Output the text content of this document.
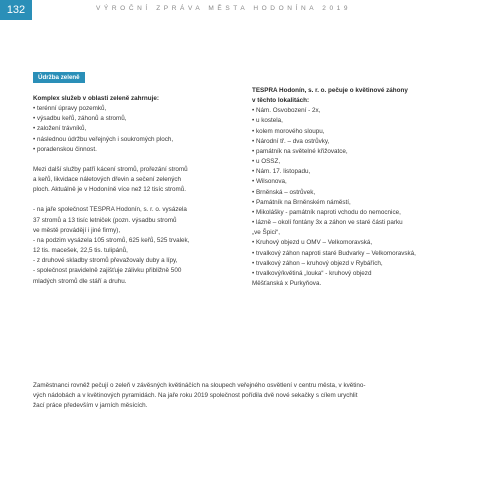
132	VÝROČNÍ ZPRÁVA MĚSTA HODONÍNA 2019
Údržba zeleně

Komplex služeb v oblasti zeleně zahrnuje:

• terénní úpravy pozemků,

• výsadbu keřů, záhonů a stromů,

• založení trávníků,

• následnou údržbu veřejných i soukromých ploch,

• poradenskou činnost.

Mezi další služby patří kácení stromů, prořezání stromů

a keřů, likvidace náletových dřevin a sečení zelených

ploch. Aktuálně je v Hodoníně více než 12 tisíc stromů.

- na jaře společnost TESPRA Hodonín, s. r. o. vysázela

37 stromů a 13 tisíc letniček (pozn. výsadbu stromů

ve městě provádějí i jiné firmy),

- na podzim vysázela 105 stromů, 625 keřů, 525 trvalek,

12 tis. macešek, 22,5 tis. tulipánů,

- z druhové skladby stromů převažovaly duby a lípy,

- společnost pravidelně zajišťuje zálivku přibližně 500

mladých stromů dle stáří a druhu.

TESPRA Hodonín, s. r. o. pečuje o květinové záhony

v těchto lokalitách:

• Nám. Osvobození - 2x,

• u kostela,

• kolem morového sloupu,

• Národní tř. – dva ostrůvky,

• památník na světelné křižovatce,

• u OSSZ,

• Nám. 17. listopadu,

• Wilsonova,

• Brněnská – ostrůvek,

• Památník na Brněnském náměstí,

• Mikolášky - památník naproti vchodu do nemocnice,

• lázně – okolí fontány 3x a záhon ve staré části parku

„ve Špici“,

• Kruhový objezd u OMV – Velkomoravská,

• trvalkový záhon naproti staré Budvarky – Velkomoravská,

• trvalkový záhon – kruhový objezd v Rybářích,

• trvalkový/květiná „louka“ - kruhový objezd

Měšťanská x Purkyňova.

Zaměstnanci rovněž pečují o zeleň v závěsných květináčích na sloupech veřejného osvětlení v centru města, v květino-

vých nádobách a v květinových pyramidách. Na jaře roku 2019 společnost pořídila dvě nové sekačky s cílem urychlit

žací práce především v jarních měsících.
